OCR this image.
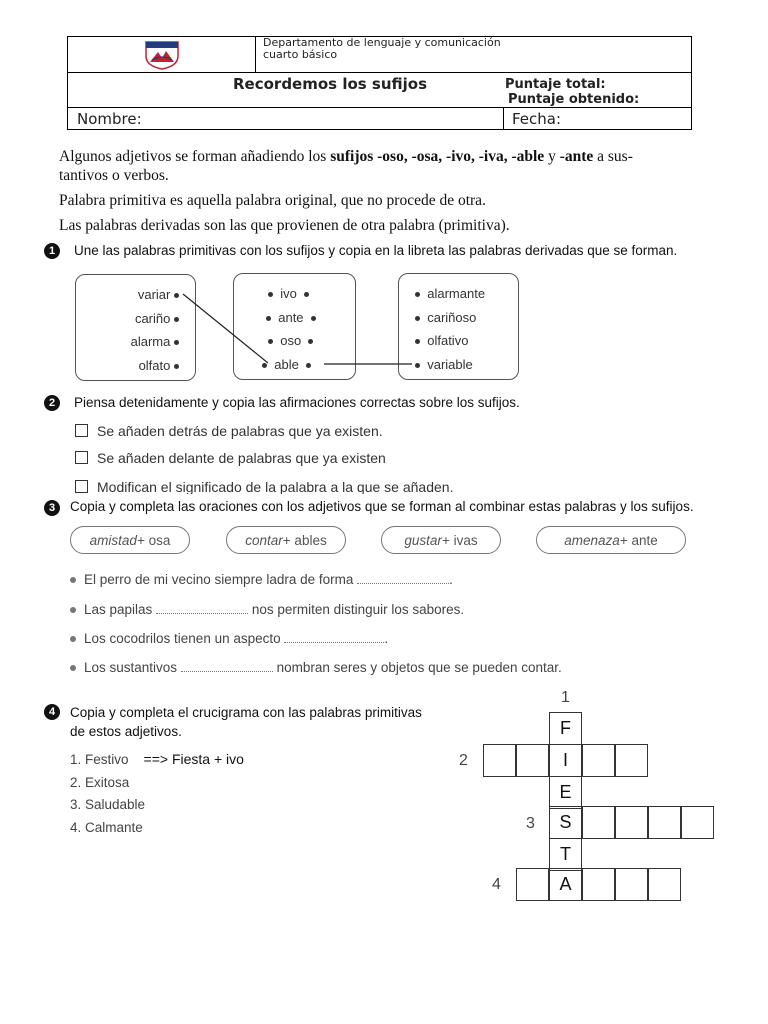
Departamento de lenguaje y comunicación
cuarto básico
Recordemos los sufijos	Puntaje total:
Puntaje obtenido:
Nombre:	Fecha:
Algunos adjetivos se forman añadiendo los sufijos -oso, -osa, -ivo, -iva, -able y -ante a sus-
tantivos o verbos.
Palabra primitiva es aquella palabra original, que no procede de otra.
Las palabras derivadas son las que provienen de otra palabra (primitiva).
1	Une las palabras primitivas con los sufijos y copia en la libreta las palabras derivadas que se forman.
variar
cariño
alarma
olfato
ivo
ante
oso
able
alarmante
cariñoso
olfativo
variable
2	Piensa detenidamente y copia las afirmaciones correctas sobre los sufijos.
Se añaden detrás de palabras que ya existen.
Se añaden delante de palabras que ya existen
Modifican el significado de la palabra a la que se añaden.
3	Copia y completa las oraciones con los adjetivos que se forman al combinar estas palabras y los sufijos.
amistad + osa	contar + ables	gustar + ivas	amenaza + ante
El perro de mi vecino siempre ladra de forma	.
Las papilas	nos permiten distinguir los sabores.
Los cocodrilos tienen un aspecto	.
Los sustantivos	nombran seres y objetos que se pueden contar.
4	Copia y completa el crucigrama con las palabras primitivas
de estos adjetivos.
1. Festivo ==> Fiesta + ivo
2. Exitosa
3. Saludable
4. Calmante
1
2
3
4
F
I
E
S
T
A
